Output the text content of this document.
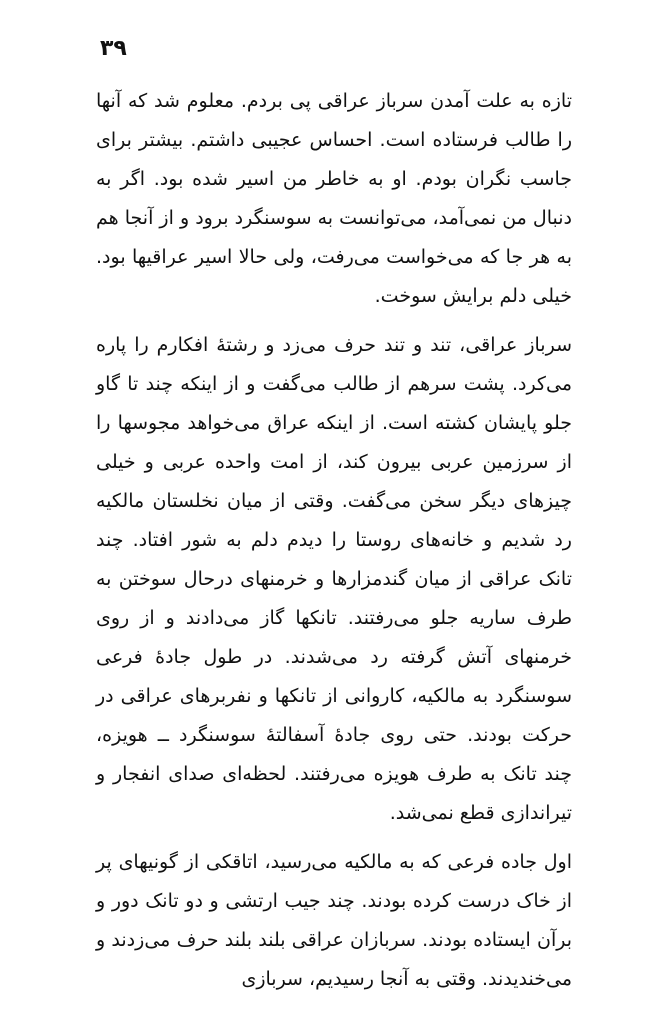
۳۹

تازه به علت آمدن سرباز عراقی پی بردم. معلوم شد که آنها را طالب فرستاده است. احساس عجیبی داشتم. بیشتر برای جاسب نگران بودم. او به خاطر من اسیر شده بود. اگر به دنبال من نمی‌آمد، می‌توانست به سوسنگرد برود و از آنجا هم به هر جا که می‌خواست می‌رفت، ولی حالا اسیر عراقیها بود. خیلی دلم برایش سوخت.

سرباز عراقی، تند و تند حرف می‌زد و رشتهٔ افکارم را پاره می‌کرد. پشت سرهم از طالب می‌گفت و از اینکه چند تا گاو جلو پایشان کشته است. از اینکه عراق می‌خواهد مجوسها را از سرزمین عربی بیرون کند، از امت واحده عربی و خیلی چیزهای دیگر سخن می‌گفت. وقتی از میان نخلستان مالکیه رد شدیم و خانه‌های روستا را دیدم دلم به شور افتاد. چند تانک عراقی از میان گندمزارها و خرمنهای درحال سوختن به طرف ساریه جلو می‌رفتند. تانکها گاز می‌دادند و از روی خرمنهای آتش گرفته رد می‌شدند. در طول جادهٔ فرعی سوسنگرد به مالکیه، کاروانی از تانکها و نفربرهای عراقی در حرکت بودند. حتی روی جادهٔ آسفالتهٔ سوسنگرد ــ هویزه، چند تانک به طرف هویزه می‌رفتند. لحظه‌ای صدای انفجار و تیراندازی قطع نمی‌شد.

اول جاده فرعی که به مالکیه می‌رسید، اتاقکی از گونیهای پر از خاک درست کرده بودند. چند جیب ارتشی و دو تانک دور و برآن ایستاده بودند. سربازان عراقی بلند بلند حرف می‌زدند و می‌خندیدند. وقتی به آنجا رسیدیم، سربازی
